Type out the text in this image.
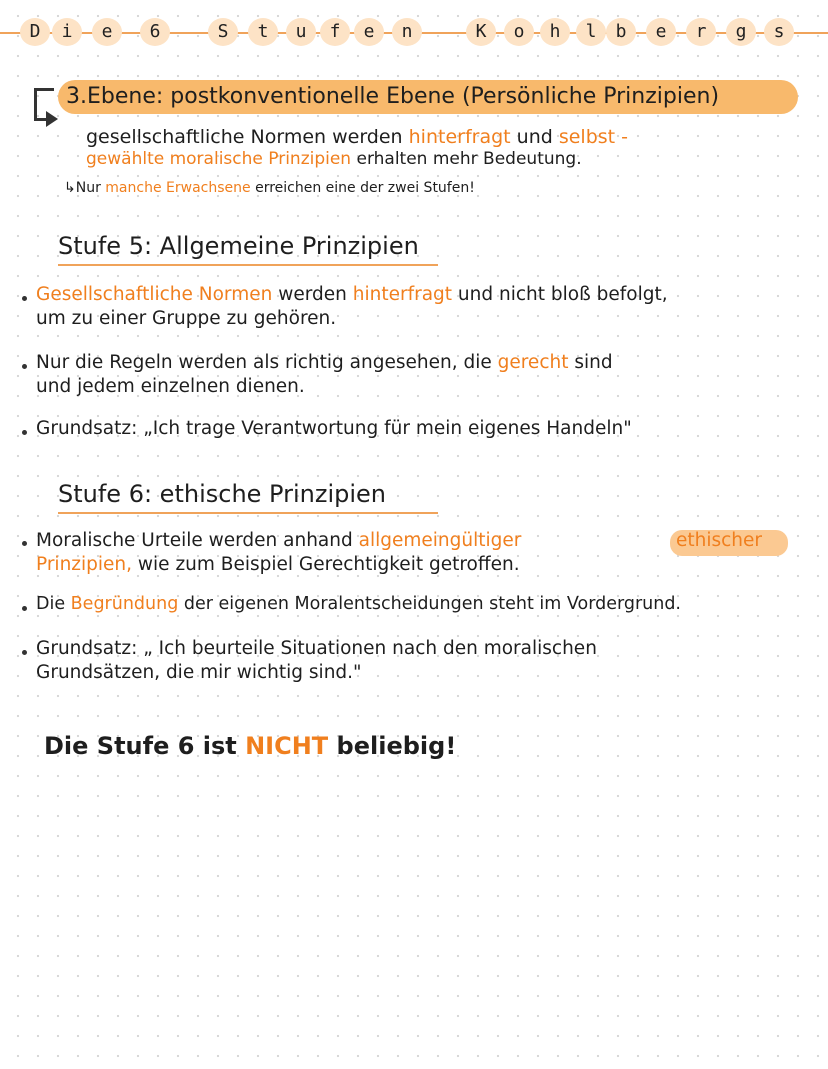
D	i	e	6	S	t	u	f	e	n	K	o	h	l	b	e	r	g	s
3.Ebene: postkonventionelle Ebene (Persönliche Prinzipien)
gesellschaftliche Normen werden hinterfragt und selbst -
gewählte moralische Prinzipien erhalten mehr Bedeutung.
↳Nur manche Erwachsene erreichen eine der zwei Stufen!
Stufe 5: Allgemeine Prinzipien
Gesellschaftliche Normen werden hinterfragt und nicht bloß befolgt,
um zu einer Gruppe zu gehören.
Nur die Regeln werden als richtig angesehen, die gerecht sind
und jedem einzelnen dienen.
Grundsatz: „Ich trage Verantwortung für mein eigenes Handeln"
Stufe 6: ethische Prinzipien
Moralische Urteile werden anhand allgemeingültiger	ethischer
Prinzipien, wie zum Beispiel Gerechtigkeit getroffen.
Die Begründung der eigenen Moralentscheidungen steht im Vordergrund.
Grundsatz: „ Ich beurteile Situationen nach den moralischen
Grundsätzen, die mir wichtig sind."
Die Stufe 6 ist NICHT beliebig!
